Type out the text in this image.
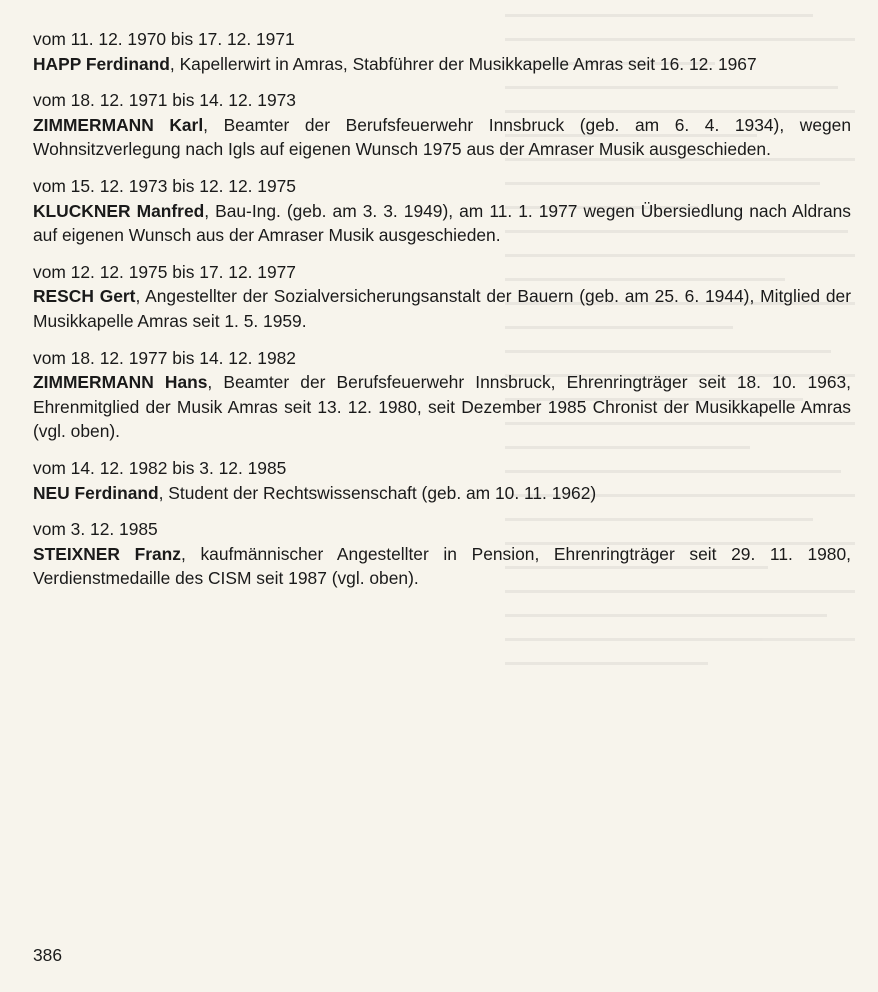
vom 11. 12. 1970 bis 17. 12. 1971
HAPP Ferdinand, Kapellerwirt in Amras, Stabführer der Musikkapelle Amras seit 16. 12. 1967
vom 18. 12. 1971 bis 14. 12. 1973
ZIMMERMANN Karl, Beamter der Berufsfeuerwehr Innsbruck (geb. am 6. 4. 1934), wegen Wohnsitzverlegung nach Igls auf eigenen Wunsch 1975 aus der Amraser Musik ausgeschieden.
vom 15. 12. 1973 bis 12. 12. 1975
KLUCKNER Manfred, Bau-Ing. (geb. am 3. 3. 1949), am 11. 1. 1977 wegen Übersiedlung nach Aldrans auf eigenen Wunsch aus der Amraser Musik ausgeschieden.
vom 12. 12. 1975 bis 17. 12. 1977
RESCH Gert, Angestellter der Sozialversicherungsanstalt der Bauern (geb. am 25. 6. 1944), Mitglied der Musikkapelle Amras seit 1. 5. 1959.
vom 18. 12. 1977 bis 14. 12. 1982
ZIMMERMANN Hans, Beamter der Berufsfeuerwehr Innsbruck, Ehrenringträger seit 18. 10. 1963, Ehrenmitglied der Musik Amras seit 13. 12. 1980, seit Dezember 1985 Chronist der Musikkapelle Amras (vgl. oben).
vom 14. 12. 1982 bis 3. 12. 1985
NEU Ferdinand, Student der Rechtswissenschaft (geb. am 10. 11. 1962)
vom 3. 12. 1985
STEIXNER Franz, kaufmännischer Angestellter in Pension, Ehrenringträger seit 29. 11. 1980, Verdienstmedaille des CISM seit 1987 (vgl. oben).
386
